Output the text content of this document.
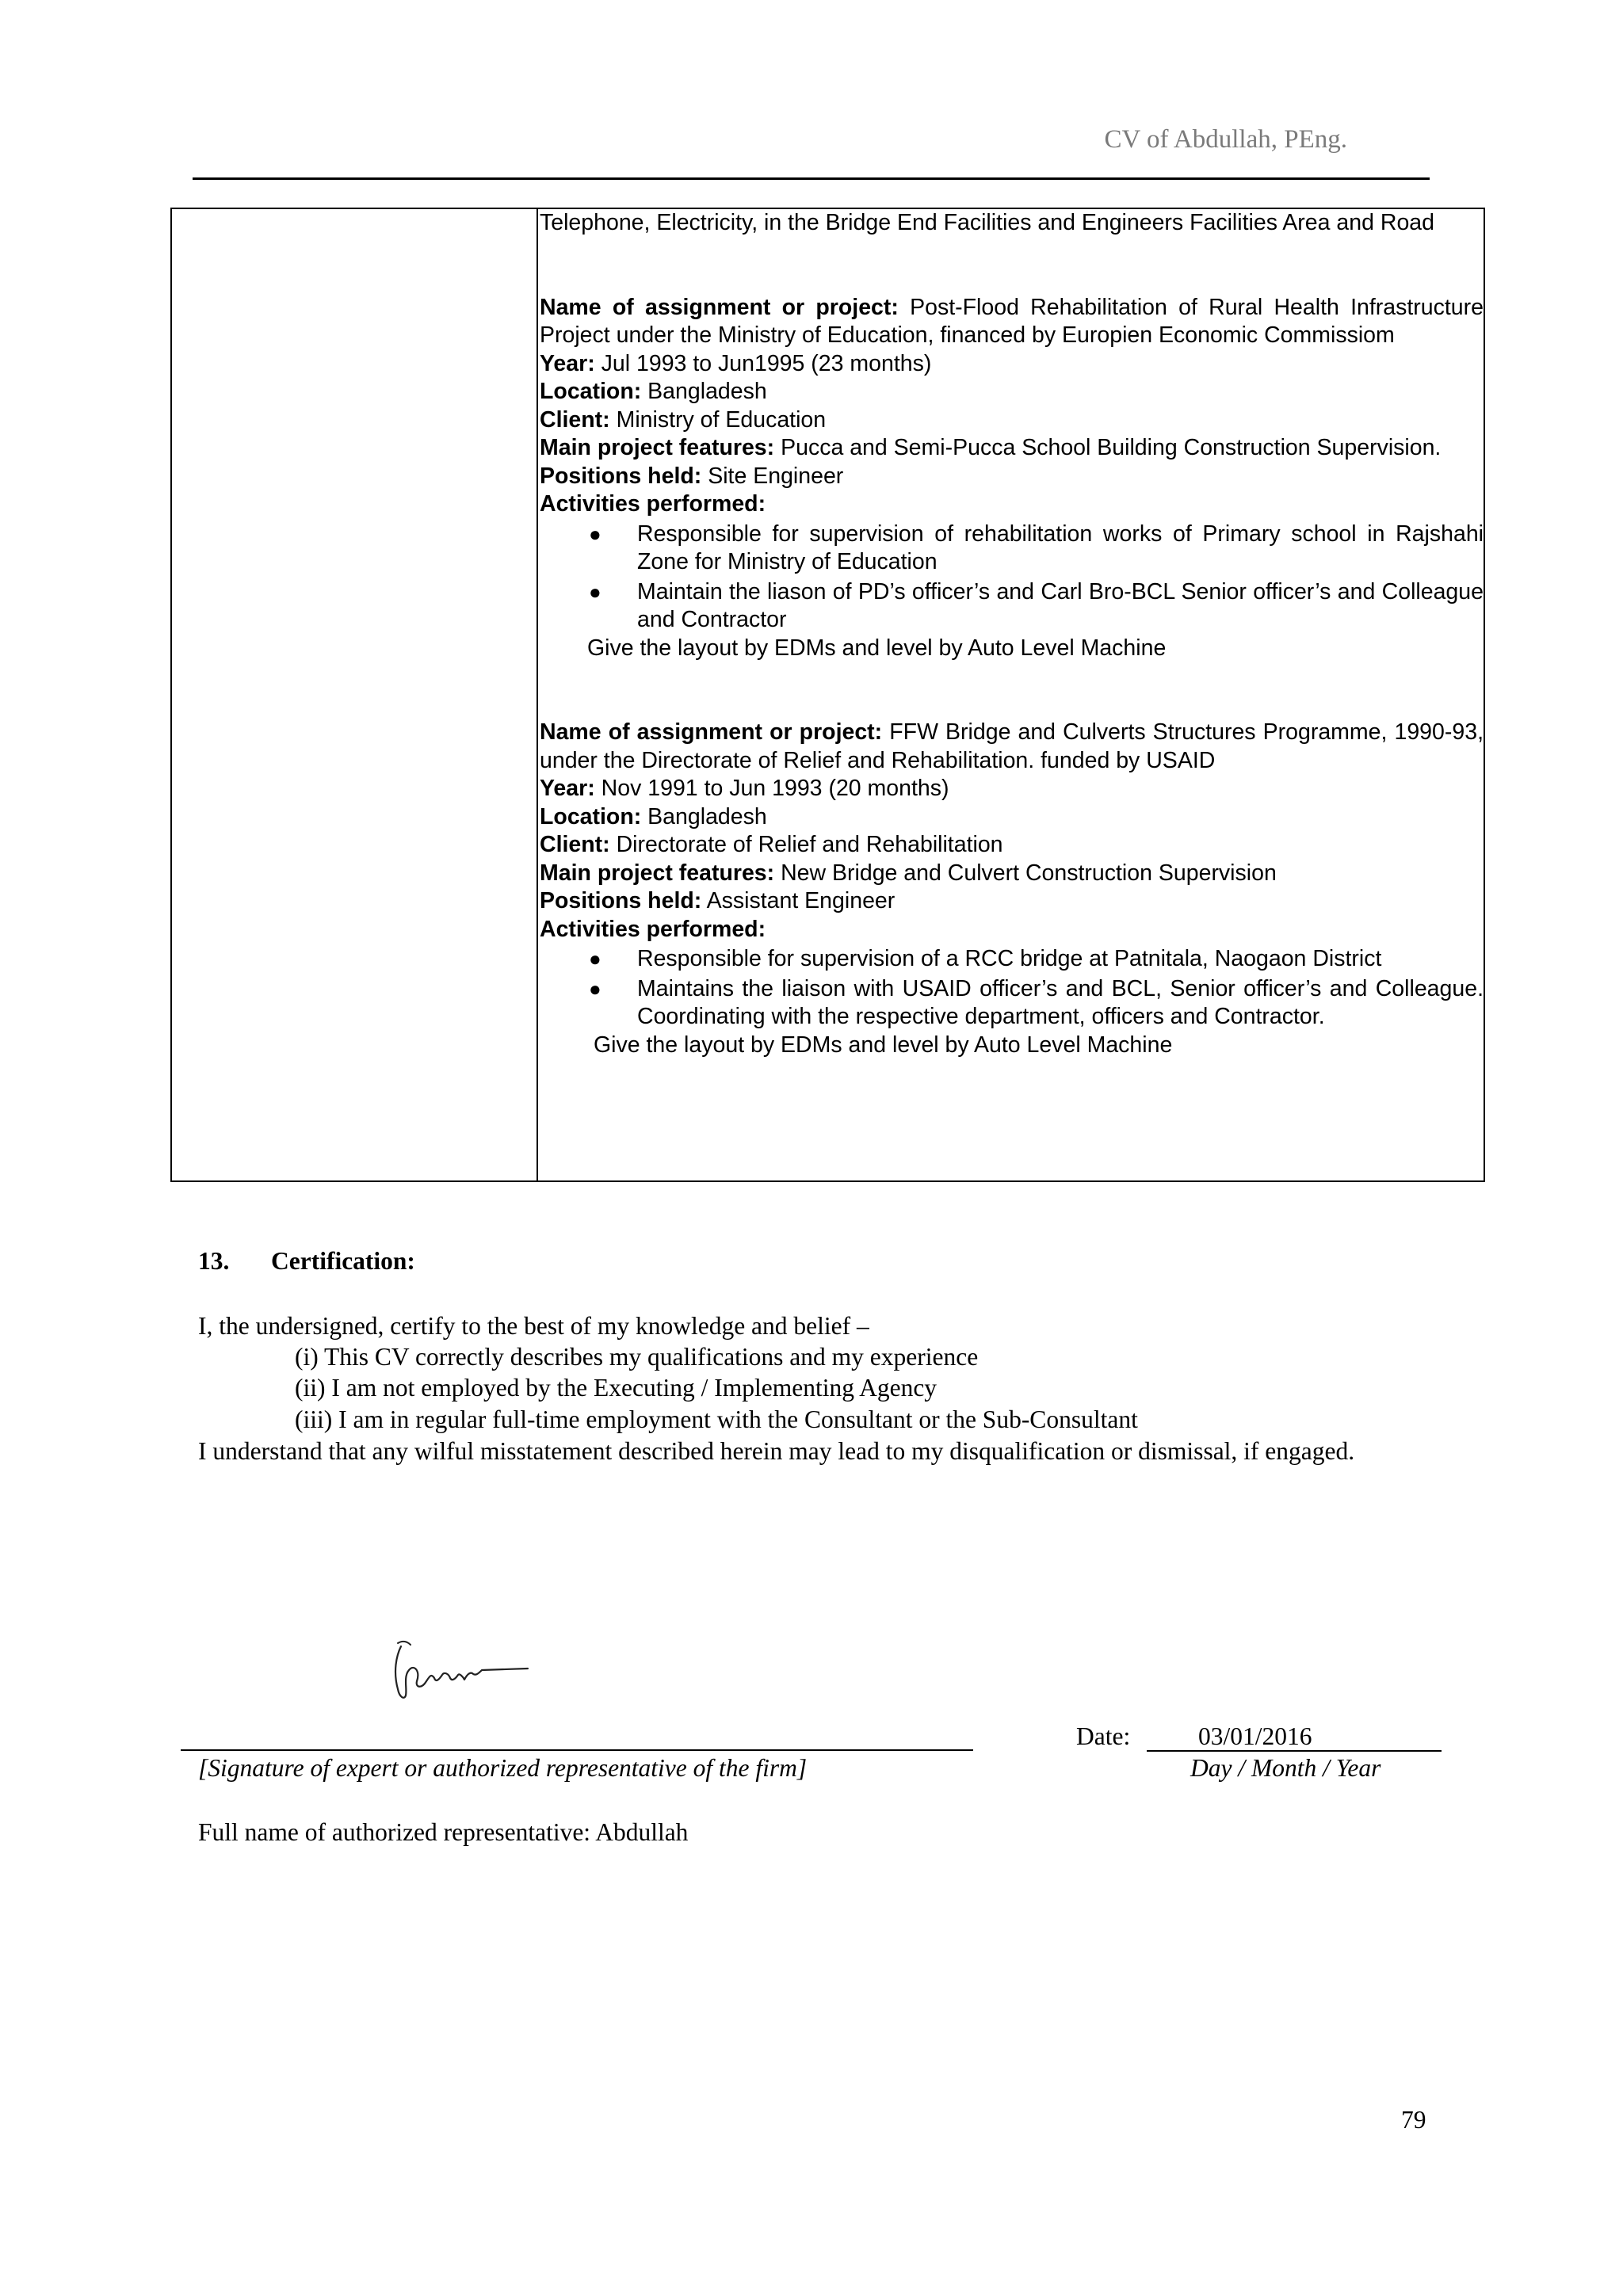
CV of Abdullah, PEng.

Telephone, Electricity, in the Bridge End Facilities and Engineers Facilities Area and Road

Name of assignment or project: Post-Flood Rehabilitation of Rural Health Infrastructure Project under the Ministry of Education, financed by Europien Economic Commissiom

Year: Jul 1993 to Jun1995 (23 months)

Location: Bangladesh

Client: Ministry of Education

Main project features: Pucca and Semi-Pucca School Building Construction Supervision.

Positions held: Site Engineer

Activities performed:

● Responsible for supervision of rehabilitation works of Primary school in Rajshahi Zone for Ministry of Education
● Maintain the liason of PD’s officer’s and Carl Bro-BCL Senior officer’s and Colleague and Contractor

Give the layout by EDMs and level by Auto Level Machine

Name of assignment or project: FFW Bridge and Culverts Structures Programme, 1990-93, under the Directorate of Relief and Rehabilitation. funded by USAID

Year: Nov 1991 to Jun 1993 (20 months)

Location: Bangladesh

Client: Directorate of Relief and Rehabilitation

Main project features: New Bridge and Culvert Construction Supervision

Positions held: Assistant Engineer

Activities performed:

● Responsible for supervision of a RCC bridge at Patnitala, Naogaon District
● Maintains the liaison with USAID officer’s and BCL, Senior officer’s and Colleague. Coordinating with the respective department, officers and Contractor.

Give the layout by EDMs and level by Auto Level Machine

13. Certification:
I, the undersigned, certify to the best of my knowledge and belief –
(i) This CV correctly describes my qualifications and my experience
(ii) I am not employed by the Executing / Implementing Agency
(iii) I am in regular full-time employment with the Consultant or the Sub-Consultant
I understand that any wilful misstatement described herein may lead to my disqualification or dismissal, if engaged.
[Signature of expert or authorized representative of the firm]
Date:	03/01/2016
Day / Month / Year
Full name of authorized representative: Abdullah
79
